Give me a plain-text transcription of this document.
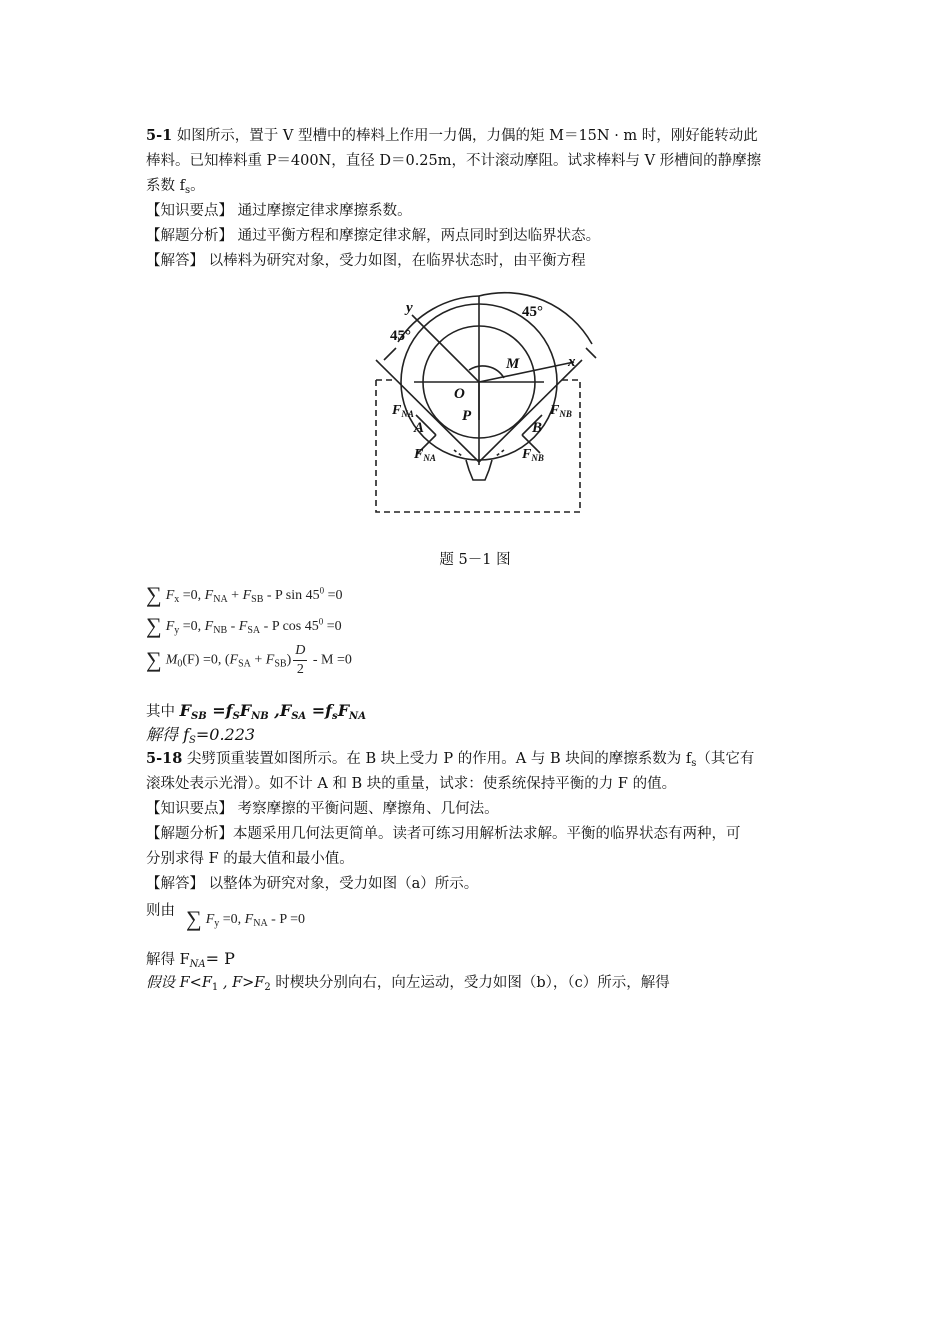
5-1 如图所示，置于 V 型槽中的棒料上作用一力偶，力偶的矩 M＝15N · m 时，刚好能转动此
棒料。已知棒料重 P＝400N，直径 D＝0.25m，不计滚动摩阻。试求棒料与 V 形槽间的静摩擦
系数 $f_s$。
【知识要点】 通过摩擦定律求摩擦系数。
【解题分析】 通过平衡方程和摩擦定律求解，两点同时到达临界状态。
【解答】 以棒料为研究对象，受力如图，在临界状态时，由平衡方程
y
x
O
M
P
A	B
45°
45°
$F_{NA}$	$F_{NB}$
$F_{NA}$	$F_{NB}$
题 5－1 图
∑ $F_x =0$, $F_{NA} + F_{SB} - P$ $\sin 45^0 =0$
∑ $F_y =0$, $F_{NB} - F_{SA}$ - P $\cos 45^0 =0$
∑ $M_0(F) =0$, $(F_{SA} + F_{SB}) \frac{D}{2} - M =0$
其中 $F_{SB} =f_SF_{NB}$ $,F_{SA} =f_sF_{NA}$
解得 $f_S=0.223$
5-18 尖劈顶重装置如图所示。在 B 块上受力 P 的作用。A 与 B 块间的摩擦系数为 $f_s$（其它有
滚珠处表示光滑）。如不计 A 和 B 块的重量，试求：使系统保持平衡的力 F 的值。
【知识要点】 考察摩擦的平衡问题、摩擦角、几何法。
【解题分析】本题采用几何法更简单。读者可练习用解析法求解。平衡的临界状态有两种，可
分别求得 F 的最大值和最小值。
【解答】 以整体为研究对象，受力如图（a）所示。
则由 ∑ $F_y =0$, $F_{NA} - P =0$
解得 $F_{NA}= P$
假设 $F<F_1$ , $F>F_2$ 时楔块分别向右，向左运动，受力如图（b），（c）所示，解得
